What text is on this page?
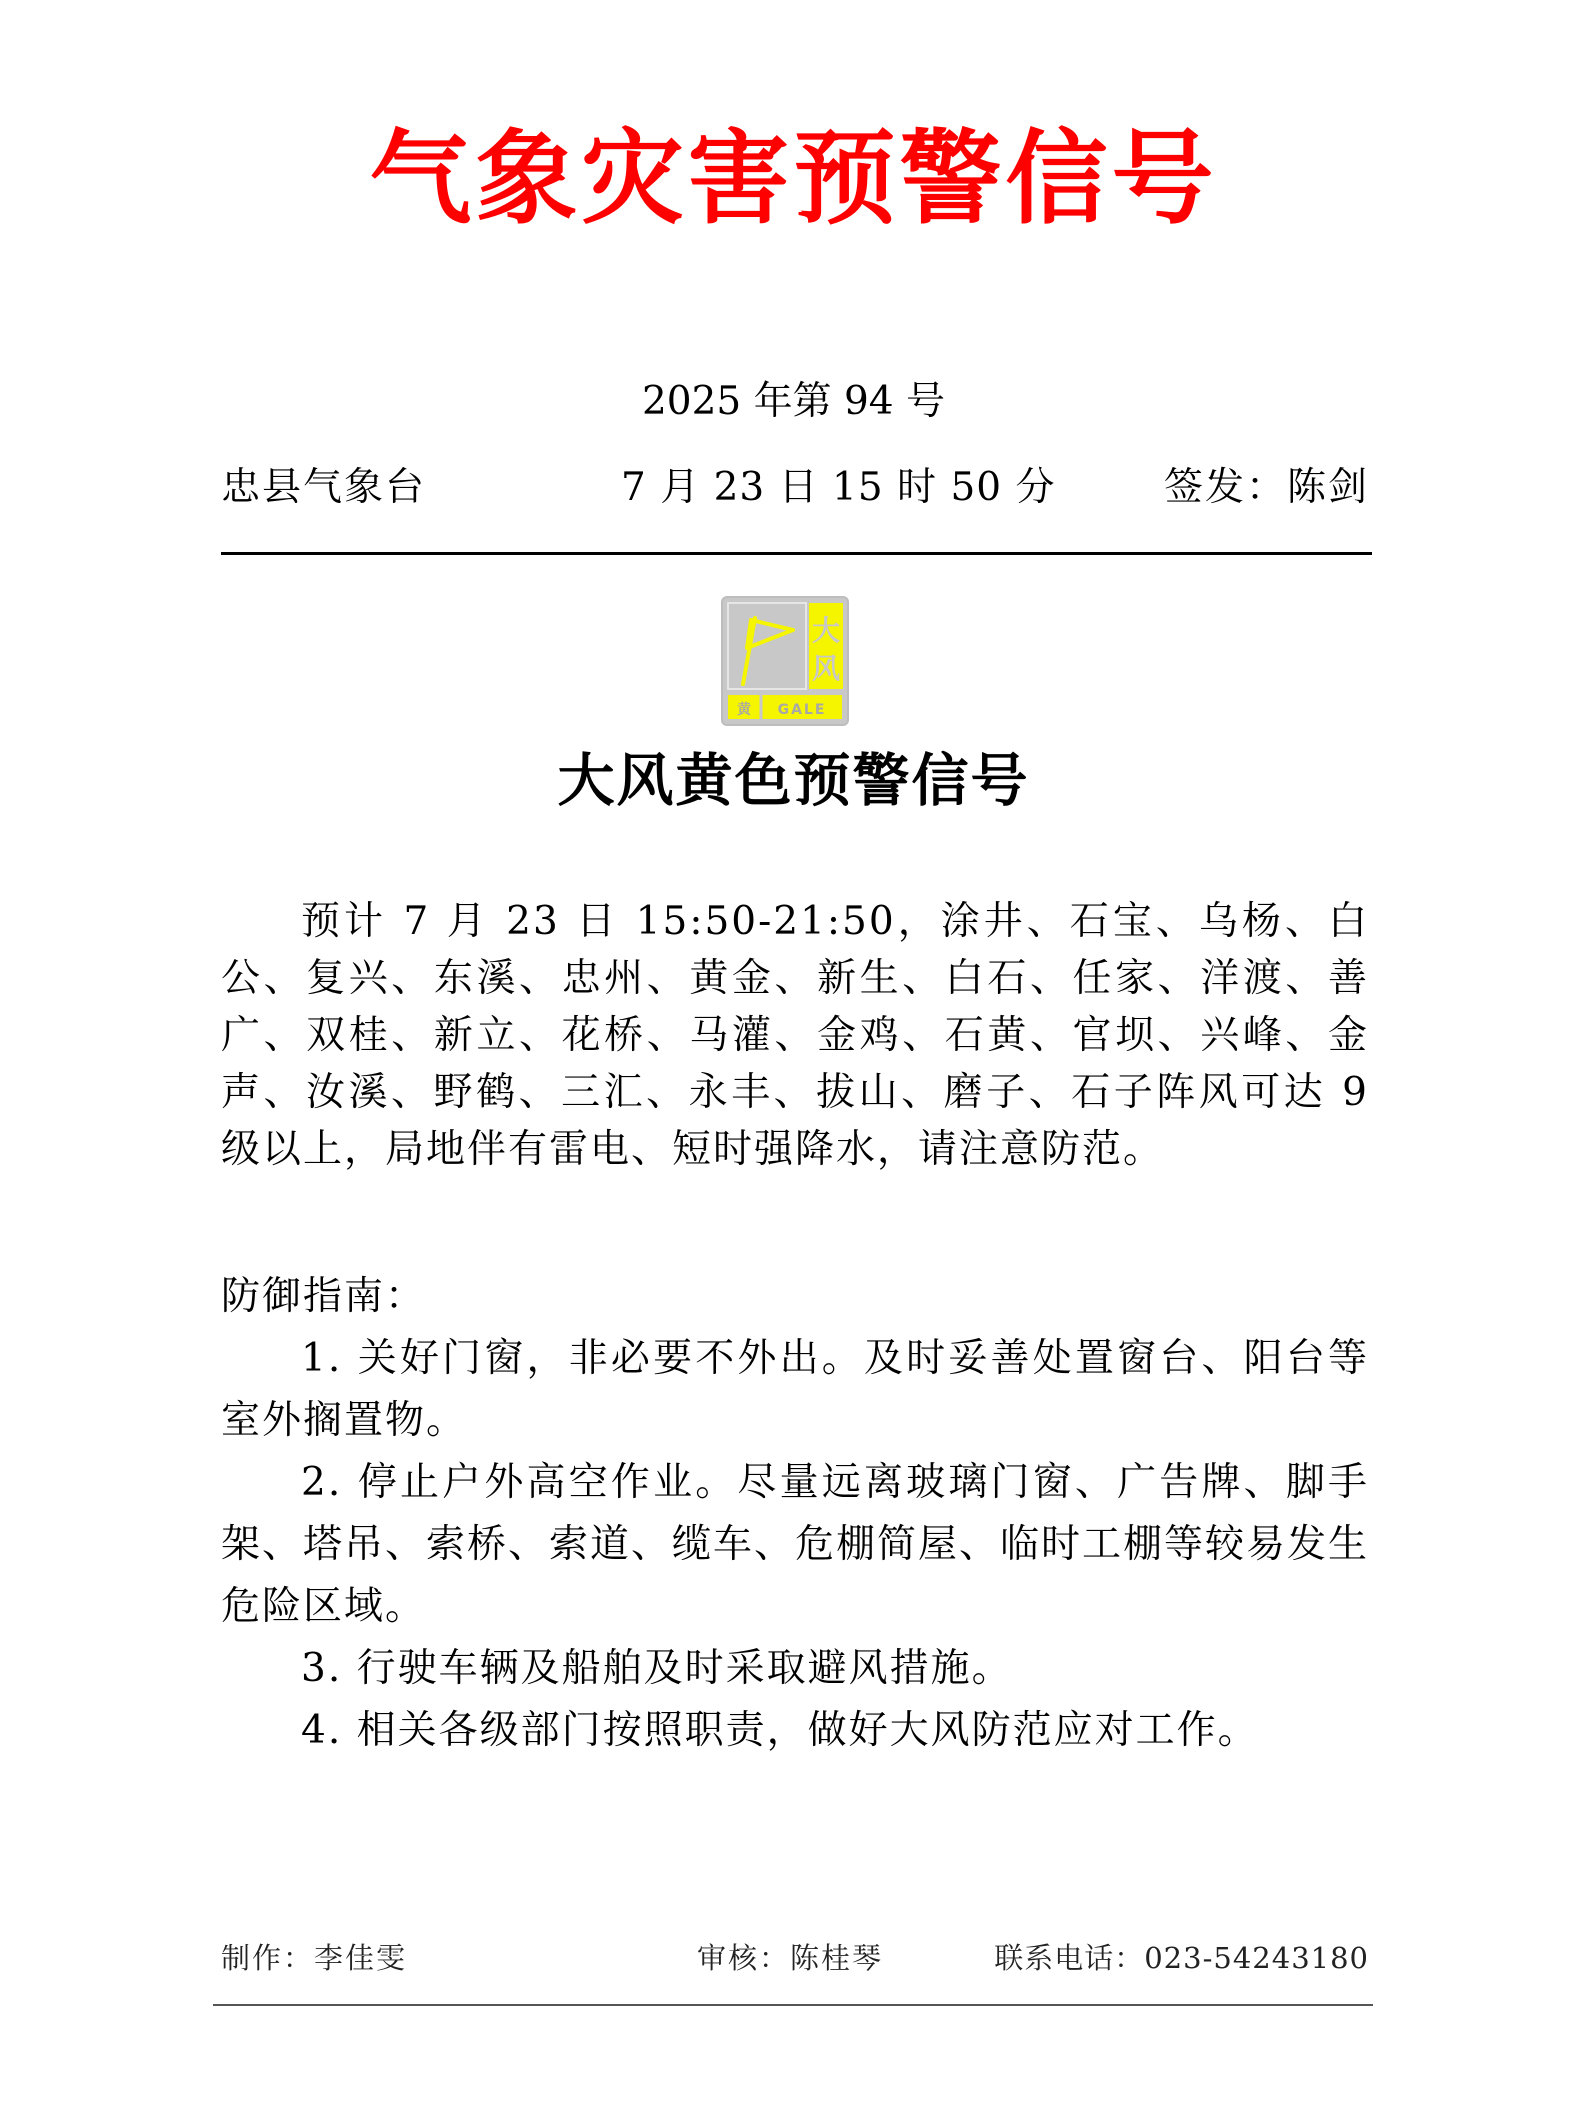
气象灾害预警信号
2025 年第 94 号
忠县气象台	7 月 23 日 15 时 50 分	签发：陈剑
大
风
黄 GALE
大风黄色预警信号

预计 7 月 23 日 15:50-21:50，涂井、石宝、乌杨、白公、复兴、东溪、忠州、黄金、新生、白石、任家、洋渡、善广、双桂、新立、花桥、马灌、金鸡、石黄、官坝、兴峰、金声、汝溪、野鹤、三汇、永丰、拔山、磨子、石子阵风可达 9 级以上，局地伴有雷电、短时强降水，请注意防范。

防御指南：

1. 关好门窗，非必要不外出。及时妥善处置窗台、阳台等室外搁置物。

2. 停止户外高空作业。尽量远离玻璃门窗、广告牌、脚手架、塔吊、索桥、索道、缆车、危棚简屋、临时工棚等较易发生危险区域。

3. 行驶车辆及船舶及时采取避风措施。

4. 相关各级部门按照职责，做好大风防范应对工作。

制作：李佳雯	审核：陈桂琴	联系电话：023-54243180
